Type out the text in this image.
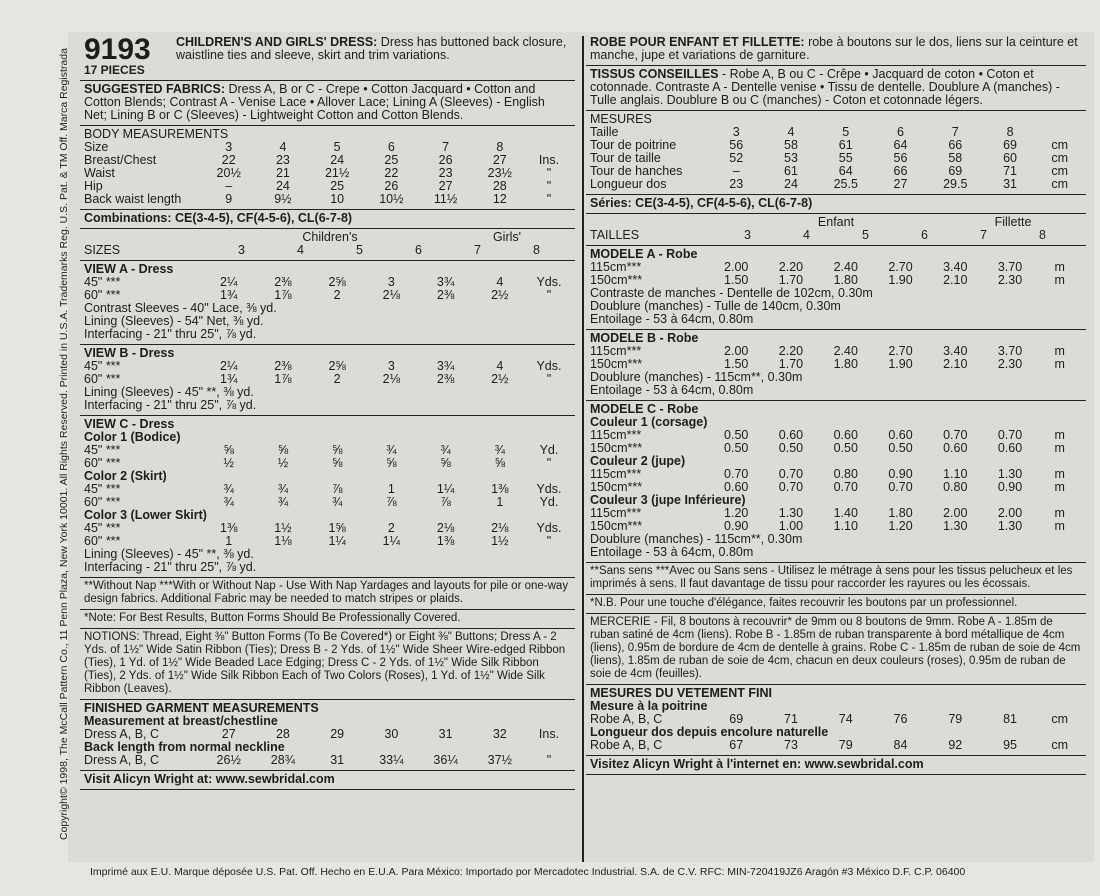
Copyright© 1998, The McCall Pattern Co., 11 Penn Plaza, New York 10001. All Rights Reserved. Printed in U.S.A. Trademarks Reg. U.S. Pat. & TM Off. Marca Registrada 9193
17 PIECES
CHILDREN'S AND GIRLS' DRESS: Dress has buttoned back closure, waistline ties and sleeve, skirt and trim variations.
SUGGESTED FABRICS: Dress A, B or C - Crepe • Cotton Jacquard • Cotton and Cotton Blends; Contrast A - Venise Lace • Allover Lace; Lining A (Sleeves) - English Net; Lining B or C (Sleeves) - Lightweight Cotton and Cotton Blends.
BODY MEASUREMENTS
Size	3	4	5	6	7	8
Breast/Chest	22	23	24	25	26	27	Ins.
Waist	20½	21	21½	22	23	23½	"
Hip	–	24	25	26	27	28	"
Back waist length	9	9½	10	10½	11½	12	"
Combinations: CE(3-4-5), CF(4-5-6), CL(6-7-8)
Children's	Girls'
SIZES	3	4	5	6	7	8
VIEW A - Dress
45" ***	2¼	2⅜	2⅝	3	3¾	4	Yds.
60" ***	1¾	1⅞	2	2⅛	2⅜	2½	"
Contrast Sleeves - 40" Lace, ⅜ yd.
Lining (Sleeves) - 54" Net, ⅜ yd.
Interfacing - 21" thru 25", ⅞ yd.
VIEW B - Dress
45" ***	2¼	2⅜	2⅝	3	3¾	4	Yds.
60" ***	1¾	1⅞	2	2⅛	2⅜	2½	"
Lining (Sleeves) - 45" **, ⅜ yd.
Interfacing - 21" thru 25", ⅞ yd.
VIEW C - Dress
Color 1 (Bodice)
45" ***	⅝	⅝	⅝	¾	¾	¾	Yd.
60" ***	½	½	⅝	⅝	⅝	⅝	"
Color 2 (Skirt)
45" ***	¾	¾	⅞	1	1¼	1⅜	Yds.
60" ***	¾	¾	¾	⅞	⅞	1	Yd.
Color 3 (Lower Skirt)
45" ***	1⅜	1½	1⅝	2	2⅛	2⅛	Yds.
60" ***	1	1⅛	1¼	1¼	1⅜	1½	"
Lining (Sleeves) - 45" **, ⅜ yd.
Interfacing - 21" thru 25", ⅞ yd.
**Without Nap ***With or Without Nap - Use With Nap Yardages and layouts for pile or one-way design fabrics. Additional Fabric may be needed to match stripes or plaids.
*Note: For Best Results, Button Forms Should Be Professionally Covered.
NOTIONS: Thread, Eight ⅜" Button Forms (To Be Covered*) or Eight ⅜" Buttons; Dress A - 2 Yds. of 1½" Wide Satin Ribbon (Ties); Dress B - 2 Yds. of 1½" Wide Sheer Wire-edged Ribbon (Ties), 1 Yd. of 1½" Wide Beaded Lace Edging; Dress C - 2 Yds. of 1½" Wide Silk Ribbon (Ties), 2 Yds. of 1½" Wide Silk Ribbon Each of Two Colors (Roses), 1 Yd. of 1½" Wide Silk Ribbon (Leaves).
FINISHED GARMENT MEASUREMENTS
Measurement at breast/chestline
Dress A, B, C	27	28	29	30	31	32	Ins.
Back length from normal neckline
Dress A, B, C	26½	28¾	31	33¼	36¼	37½	"
Visit Alicyn Wright at: www.sewbridal.com
ROBE POUR ENFANT ET FILLETTE: robe à boutons sur le dos, liens sur la ceinture et manche, jupe et variations de garniture.
TISSUS CONSEILLES - Robe A, B ou C - Crêpe • Jacquard de coton • Coton et cotonnade. Contraste A - Dentelle venise • Tissu de dentelle. Doublure A (manches) - Tulle anglais. Doublure B ou C (manches) - Coton et cotonnade légers.
MESURES
Taille	3	4	5	6	7	8
Tour de poitrine	56	58	61	64	66	69	cm
Tour de taille	52	53	55	56	58	60	cm
Tour de hanches	–	61	64	66	69	71	cm
Longueur dos	23	24	25.5	27	29.5	31	cm
Séries: CE(3-4-5), CF(4-5-6), CL(6-7-8)
Enfant	Fillette
TAILLES	3	4	5	6	7	8
MODELE A - Robe
115cm***	2.00	2.20	2.40	2.70	3.40	3.70	m
150cm***	1.50	1.70	1.80	1.90	2.10	2.30	m
Contraste de manches - Dentelle de 102cm, 0.30m
Doublure (manches) - Tulle de 140cm, 0.30m
Entoilage - 53 à 64cm, 0.80m
MODELE B - Robe
115cm***	2.00	2.20	2.40	2.70	3.40	3.70	m
150cm***	1.50	1.70	1.80	1.90	2.10	2.30	m
Doublure (manches) - 115cm**, 0.30m
Entoilage - 53 à 64cm, 0.80m
MODELE C - Robe
Couleur 1 (corsage)
115cm***	0.50	0.60	0.60	0.60	0.70	0.70	m
150cm***	0.50	0.50	0.50	0.50	0.60	0.60	m
Couleur 2 (jupe)
115cm***	0.70	0.70	0.80	0.90	1.10	1.30	m
150cm***	0.60	0.70	0.70	0.70	0.80	0.90	m
Couleur 3 (jupe Inférieure)
115cm***	1.20	1.30	1.40	1.80	2.00	2.00	m
150cm***	0.90	1.00	1.10	1.20	1.30	1.30	m
Doublure (manches) - 115cm**, 0.30m
Entoilage - 53 à 64cm, 0.80m
**Sans sens ***Avec ou Sans sens - Utilisez le métrage à sens pour les tissus pelucheux et les imprimés à sens. Il faut davantage de tissu pour raccorder les rayures ou les écossais.
*N.B. Pour une touche d'élégance, faites recouvrir les boutons par un professionnel.
MERCERIE - Fil, 8 boutons à recouvrir* de 9mm ou 8 boutons de 9mm. Robe A - 1.85m de ruban satiné de 4cm (liens). Robe B - 1.85m de ruban transparente à bord métallique de 4cm (liens), 0.95m de bordure de 4cm de dentelle à grains. Robe C - 1.85m de ruban de soie de 4cm (liens), 1.85m de ruban de soie de 4cm, chacun en deux couleurs (roses), 0.95m de ruban de soie de 4cm (feuilles).
MESURES DU VETEMENT FINI
Mesure à la poitrine
Robe A, B, C	69	71	74	76	79	81	cm
Longueur dos depuis encolure naturelle
Robe A, B, C	67	73	79	84	92	95	cm
Visitez Alicyn Wright à l'internet en: www.sewbridal.com
Imprimé aux E.U. Marque déposée U.S. Pat. Off. Hecho en E.U.A. Para México: Importado por Mercadotec Industrial. S.A. de C.V. RFC: MIN-720419JZ6 Aragón #3 México D.F. C.P. 06400
